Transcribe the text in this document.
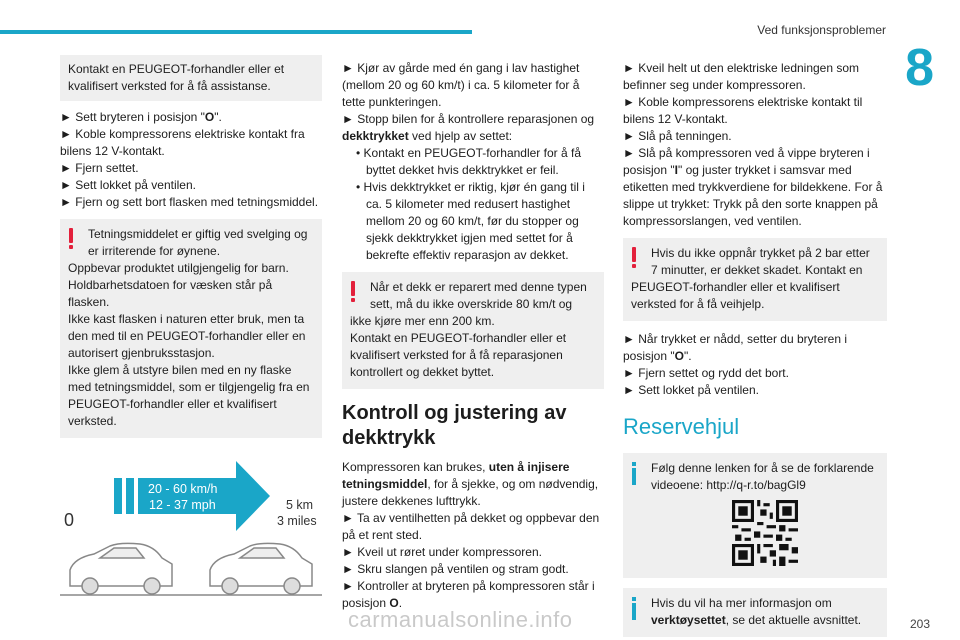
Ved funksjonsproblemer
8
Kontakt en PEUGEOT-forhandler eller et kvalifisert verksted for å få assistanse.
► Sett bryteren i posisjon "O".
► Koble kompressorens elektriske kontakt fra bilens 12 V-kontakt.
► Fjern settet.
► Sett lokket på ventilen.
► Fjern og sett bort flasken med tetningsmiddel.
Tetningsmiddelet er giftig ved svelging og er irriterende for øynene.
Oppbevar produktet utilgjengelig for barn.
Holdbarhetsdatoen for væsken står på flasken.
Ikke kast flasken i naturen etter bruk, men ta den med til en PEUGEOT-forhandler eller en autorisert gjenbruksstasjon.
Ikke glem å utstyre bilen med en ny flaske med tetningsmiddel, som er tilgjengelig fra en PEUGEOT-forhandler eller et kvalifisert verksted.
20 - 60 km/h
12 - 37 mph
0
5 km
3 miles
► Kjør av gårde med én gang i lav hastighet (mellom 20 og 60 km/t) i ca. 5 kilometer for å tette punkteringen.
► Stopp bilen for å kontrollere reparasjonen og dekktrykket ved hjelp av settet:
• Kontakt en PEUGEOT-forhandler for å få byttet dekket hvis dekktrykket er feil.
• Hvis dekktrykket er riktig, kjør én gang til i ca. 5 kilometer med redusert hastighet mellom 20 og 60 km/t, før du stopper og sjekk dekktrykket igjen med settet for å bekrefte effektiv reparasjon av dekket.
Når et dekk er reparert med denne typen sett, må du ikke overskride 80 km/t og
ikke kjøre mer enn 200 km.
Kontakt en PEUGEOT-forhandler eller et kvalifisert verksted for å få reparasjonen kontrollert og dekket byttet.
Kontroll og justering av dekktrykk
Kompressoren kan brukes, uten å injisere tetningsmiddel, for å sjekke, og om nødvendig, justere dekkenes lufttrykk.
► Ta av ventilhetten på dekket og oppbevar den på et rent sted.
► Kveil ut røret under kompressoren.
► Skru slangen på ventilen og stram godt.
► Kontroller at bryteren på kompressoren står i posisjon O.
► Kveil helt ut den elektriske ledningen som befinner seg under kompressoren.
► Koble kompressorens elektriske kontakt til bilens 12 V-kontakt.
► Slå på tenningen.
► Slå på kompressoren ved å vippe bryteren i posisjon "I" og juster trykket i samsvar med etiketten med trykkverdiene for bildekkene. For å slippe ut trykket: Trykk på den sorte knappen på kompressorslangen, ved ventilen.
Hvis du ikke oppnår trykket på 2 bar etter 7 minutter, er dekket skadet. Kontakt en
PEUGEOT-forhandler eller et kvalifisert verksted for å få veihjelp.
► Når trykket er nådd, setter du bryteren i posisjon "O".
► Fjern settet og rydd det bort.
► Sett lokket på ventilen.
Reservehjul
Følg denne lenken for å se de forklarende videoene: http://q-r.to/bagGl9
Hvis du vil ha mer informasjon om verktøysettet, se det aktuelle avsnittet.
carmanualsonline.info	203
